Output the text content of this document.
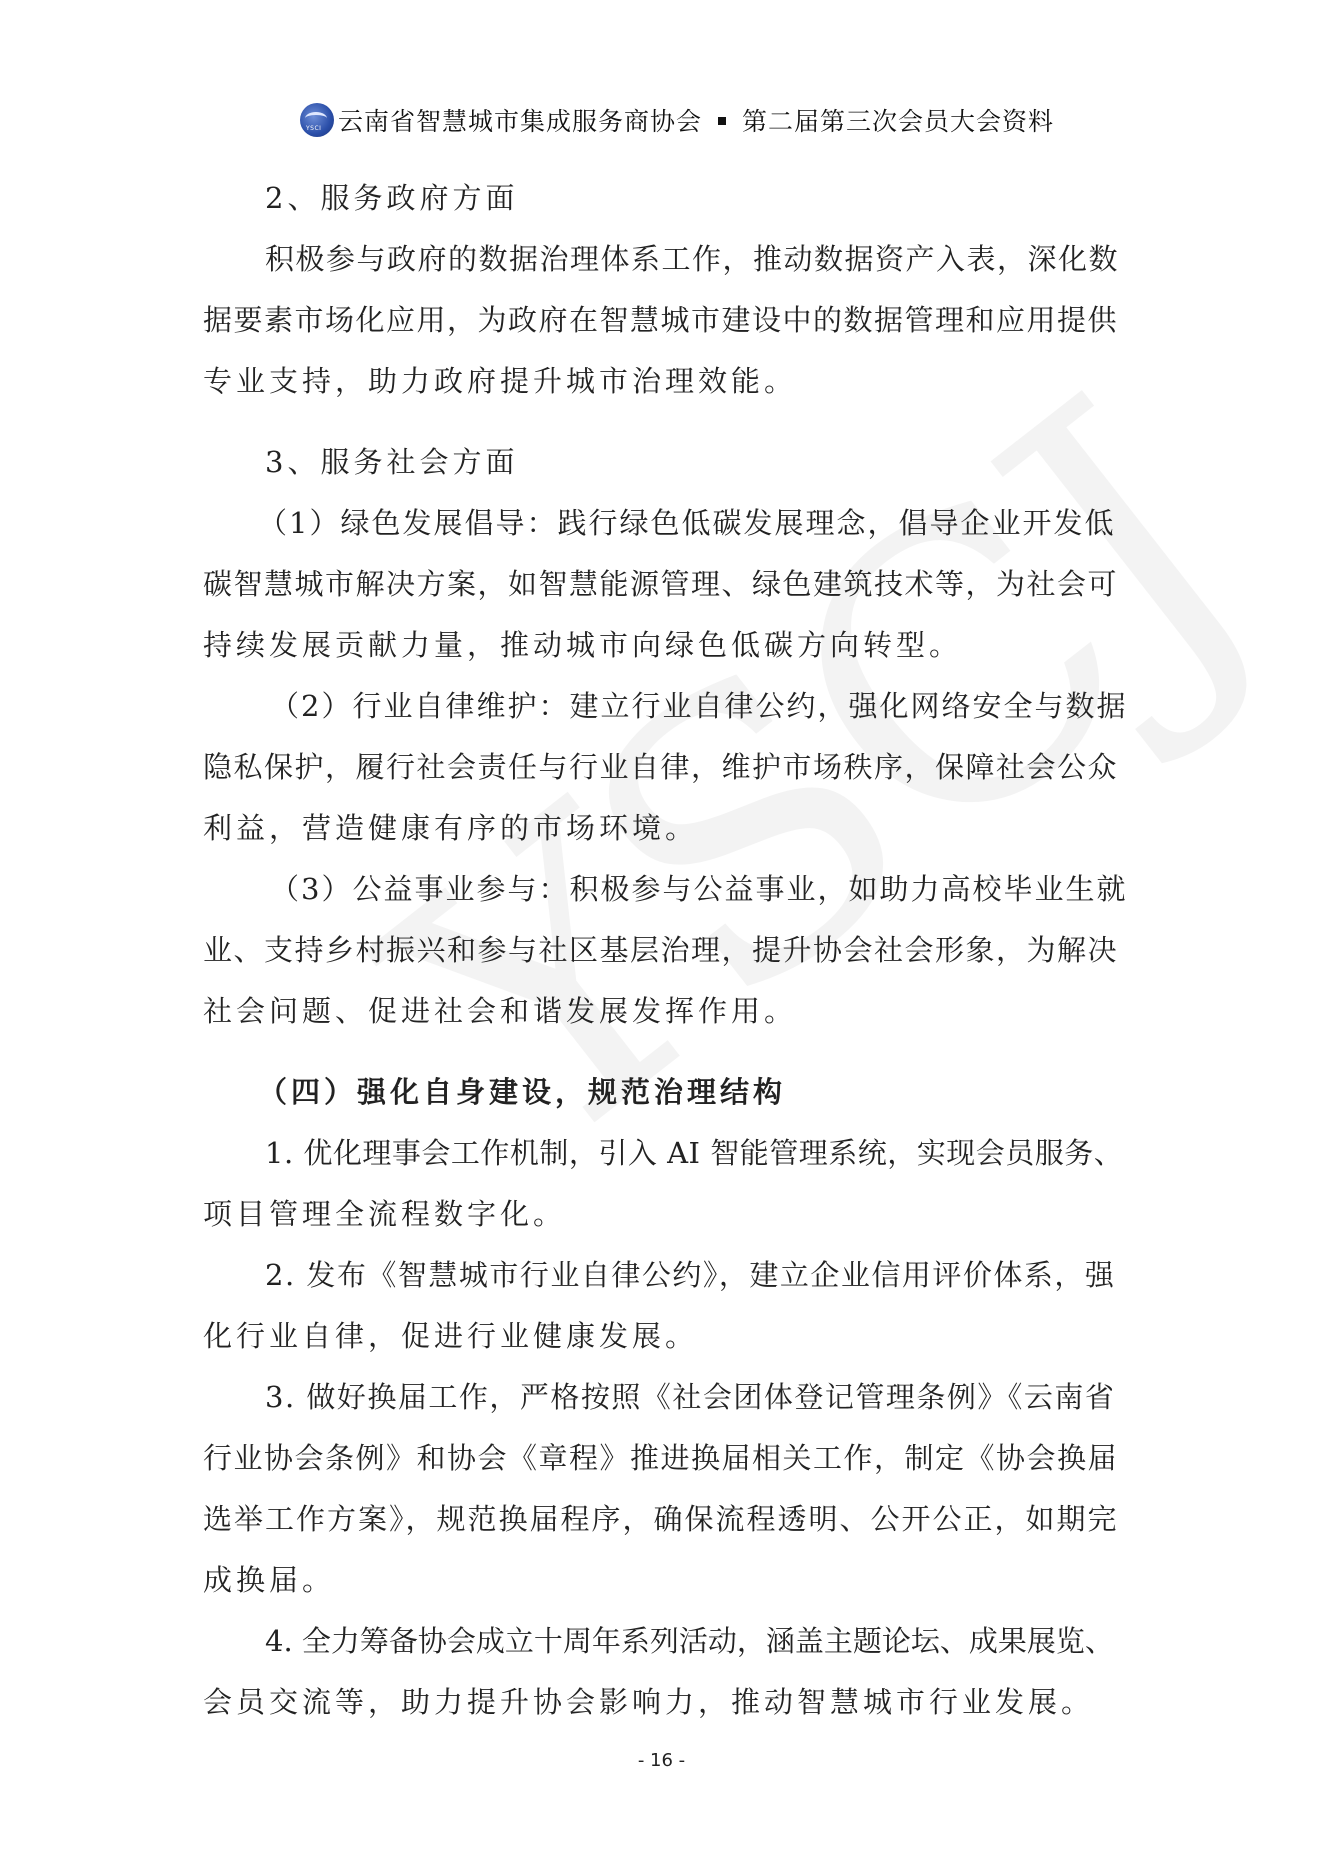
YSCI 云南省智慧城市集成服务商协会 第二届第三次会员大会资料
2、服务政府方面
积极参与政府的数据治理体系工作，推动数据资产入表，深化数
据要素市场化应用，为政府在智慧城市建设中的数据管理和应用提供
专业支持，助力政府提升城市治理效能。
3、服务社会方面
（1）绿色发展倡导：践行绿色低碳发展理念，倡导企业开发低
碳智慧城市解决方案，如智慧能源管理、绿色建筑技术等，为社会可
持续发展贡献力量，推动城市向绿色低碳方向转型。
（2）行业自律维护：建立行业自律公约，强化网络安全与数据
隐私保护，履行社会责任与行业自律，维护市场秩序，保障社会公众
利益，营造健康有序的市场环境。
（3）公益事业参与：积极参与公益事业，如助力高校毕业生就
业、支持乡村振兴和参与社区基层治理，提升协会社会形象，为解决
社会问题、促进社会和谐发展发挥作用。
（四）强化自身建设，规范治理结构
1. 优化理事会工作机制，引入 AI 智能管理系统，实现会员服务、
项目管理全流程数字化。
2. 发布《智慧城市行业自律公约》，建立企业信用评价体系，强
化行业自律，促进行业健康发展。
3. 做好换届工作，严格按照《社会团体登记管理条例》《云南省
行业协会条例》和协会《章程》推进换届相关工作，制定《协会换届
选举工作方案》，规范换届程序，确保流程透明、公开公正，如期完
成换届。
4. 全力筹备协会成立十周年系列活动，涵盖主题论坛、成果展览、
会员交流等，助力提升协会影响力，推动智慧城市行业发展。
- 16 -
